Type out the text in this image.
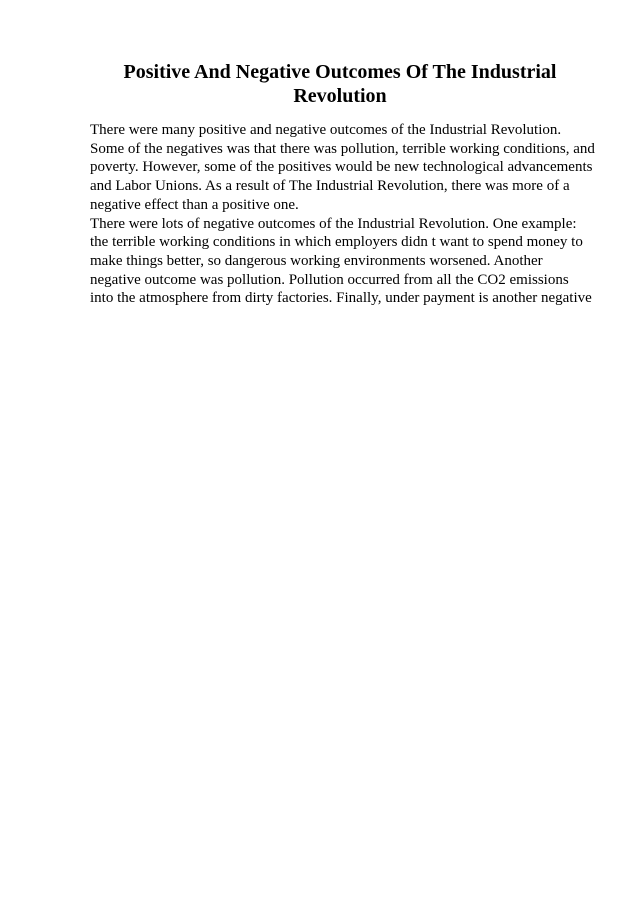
Positive And Negative Outcomes Of The Industrial Revolution

There were many positive and negative outcomes of the Industrial Revolution. Some of the negatives was that there was pollution, terrible working conditions, and poverty. However, some of the positives would be new technological advancements and Labor Unions. As a result of The Industrial Revolution, there was more of a negative effect than a positive one.

There were lots of negative outcomes of the Industrial Revolution. One example: the terrible working conditions in which employers didn t want to spend money to make things better, so dangerous working environments worsened. Another negative outcome was pollution. Pollution occurred from all the CO2 emissions into the atmosphere from dirty factories. Finally, under payment is another negative
